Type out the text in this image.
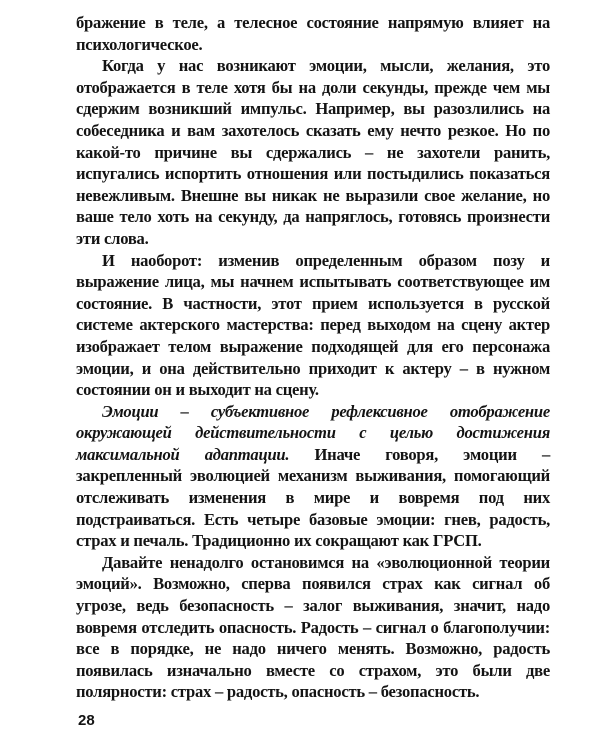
бражение в теле, а телесное состояние напрямую влияет на психологическое.

Когда у нас возникают эмоции, мысли, желания, это отображается в теле хотя бы на доли секунды, прежде чем мы сдержим возникший импульс. Например, вы разозлились на собеседника и вам захотелось сказать ему нечто резкое. Но по какой-то причине вы сдержались – не захотели ранить, испугались испортить отношения или постыдились показаться невежливым. Внешне вы никак не выразили свое желание, но ваше тело хоть на секунду, да напряглось, готовясь произнести эти слова.

И наоборот: изменив определенным образом позу и выражение лица, мы начнем испытывать соответствующее им состояние. В частности, этот прием используется в русской системе актерского мастерства: перед выходом на сцену актер изображает телом выражение подходящей для его персонажа эмоции, и она действительно приходит к актеру – в нужном состоянии он и выходит на сцену.

Эмоции – субъективное рефлексивное отображение окружающей действительности с целью достижения максимальной адаптации. Иначе говоря, эмоции – закрепленный эволюцией механизм выживания, помогающий отслеживать изменения в мире и вовремя под них подстраиваться. Есть четыре базовые эмоции: гнев, радость, страх и печаль. Традиционно их сокращают как ГРСП.

Давайте ненадолго остановимся на «эволюционной теории эмоций». Возможно, сперва появился страх как сигнал об угрозе, ведь безопасность – залог выживания, значит, надо вовремя отследить опасность. Радость – сигнал о благополучии: все в порядке, не надо ничего менять. Возможно, радость появилась изначально вместе со страхом, это были две полярности: страх – радость, опасность – безопасность.

28
